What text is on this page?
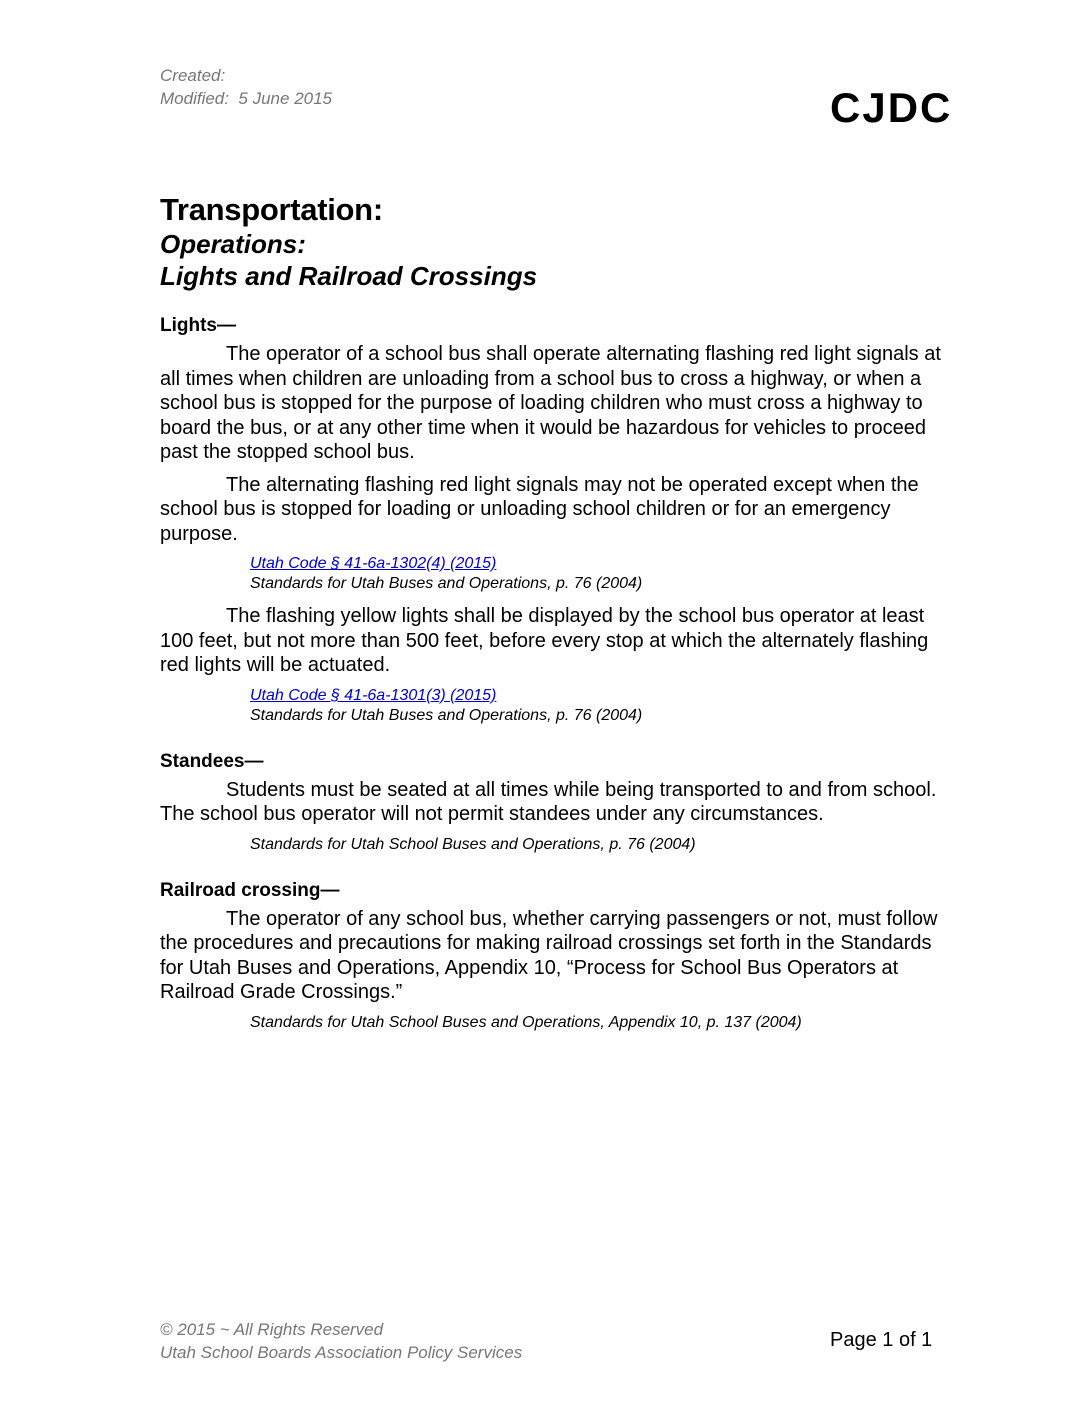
Created:
Modified:  5 June 2015	CJDC
Transportation:
Operations:
Lights and Railroad Crossings
Lights—

The operator of a school bus shall operate alternating flashing red light signals at all times when children are unloading from a school bus to cross a highway, or when a school bus is stopped for the purpose of loading children who must cross a highway to board the bus, or at any other time when it would be hazardous for vehicles to proceed past the stopped school bus.

The alternating flashing red light signals may not be operated except when the school bus is stopped for loading or unloading school children or for an emergency purpose.

Utah Code § 41-6a-1302(4) (2015)
Standards for Utah Buses and Operations, p. 76 (2004)

The flashing yellow lights shall be displayed by the school bus operator at least 100 feet, but not more than 500 feet, before every stop at which the alternately flashing red lights will be actuated.

Utah Code § 41-6a-1301(3) (2015)
Standards for Utah Buses and Operations, p. 76 (2004)
Standees—

Students must be seated at all times while being transported to and from school. The school bus operator will not permit standees under any circumstances.

Standards for Utah School Buses and Operations, p. 76 (2004)
Railroad crossing—

The operator of any school bus, whether carrying passengers or not, must follow the procedures and precautions for making railroad crossings set forth in the Standards for Utah Buses and Operations, Appendix 10, “Process for School Bus Operators at Railroad Grade Crossings.”

Standards for Utah School Buses and Operations, Appendix 10, p. 137 (2004)
© 2015 ~ All Rights Reserved
Utah School Boards Association Policy Services
Page 1 of 1
